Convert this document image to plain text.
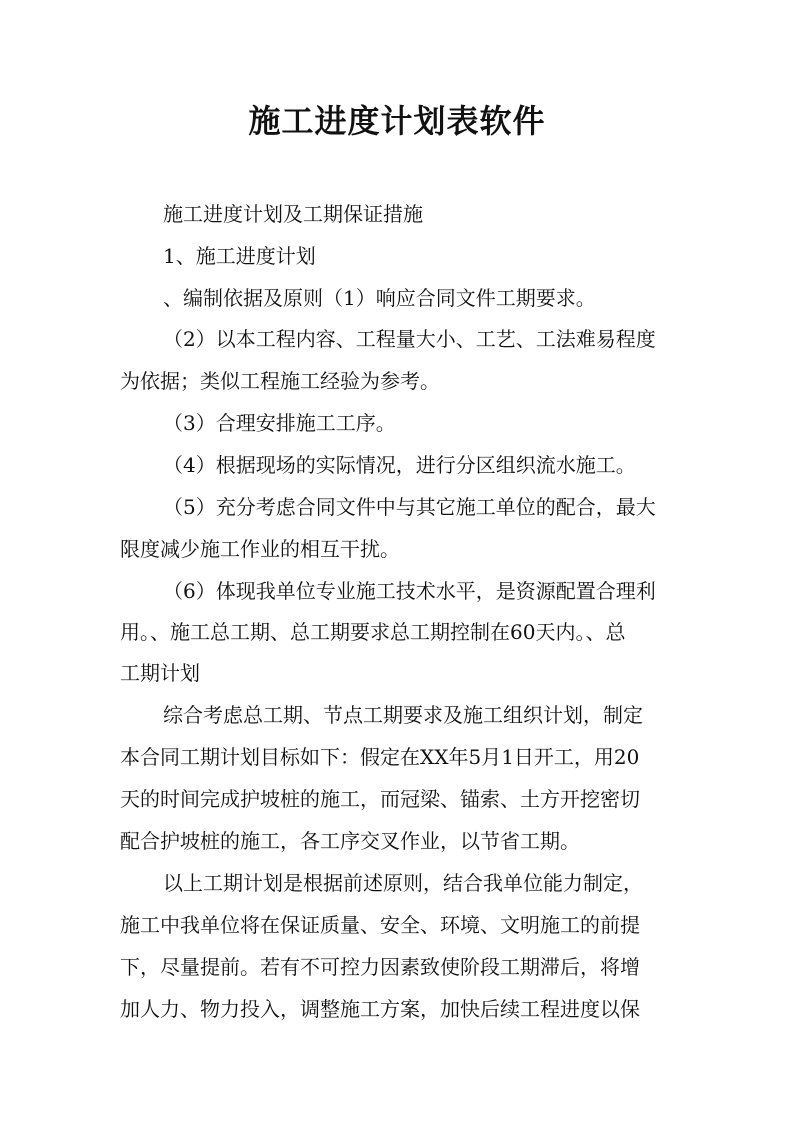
施工进度计划表软件

施工进度计划及工期保证措施

1、施工进度计划

、编制依据及原则（1）响应合同文件工期要求。

（2）以本工程内容、工程量大小、工艺、工法难易程度

为依据；类似工程施工经验为参考。

（3）合理安排施工工序。

（4）根据现场的实际情况，进行分区组织流水施工。

（5）充分考虑合同文件中与其它施工单位的配合，最大

限度减少施工作业的相互干扰。

（6）体现我单位专业施工技术水平，是资源配置合理利

用。、施工总工期、总工期要求总工期控制在60天内。、总

工期计划

综合考虑总工期、节点工期要求及施工组织计划，制定

本合同工期计划目标如下：假定在XX年5月1日开工，用20

天的时间完成护坡桩的施工，而冠梁、锚索、土方开挖密切

配合护坡桩的施工，各工序交叉作业，以节省工期。

以上工期计划是根据前述原则，结合我单位能力制定，

施工中我单位将在保证质量、安全、环境、文明施工的前提

下，尽量提前。若有不可控力因素致使阶段工期滞后，将增

加人力、物力投入，调整施工方案，加快后续工程进度以保
